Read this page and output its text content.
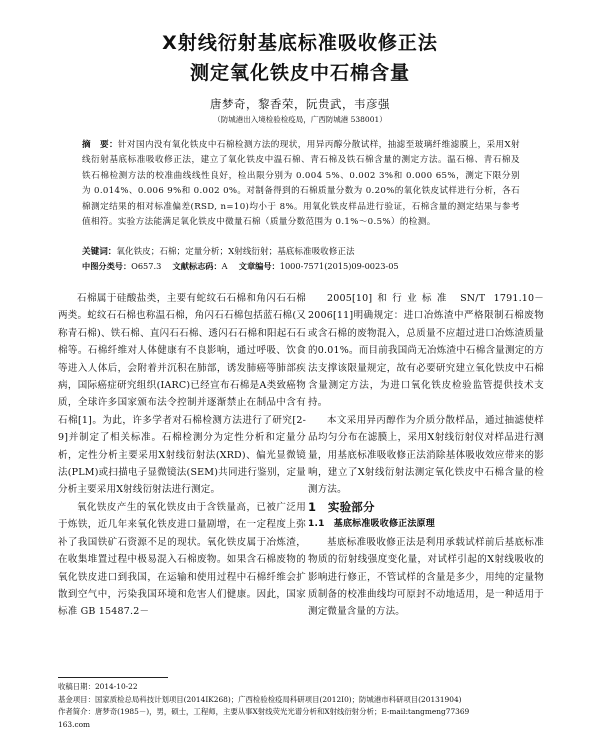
X射线衍射基底标准吸收修正法
测定氧化铁皮中石棉含量
唐梦奇，黎香荣，阮贵武，韦彦强
（防城港出入境检验检疫局，广西防城港 538001）
摘　要：针对国内没有氧化铁皮中石棉检测方法的现状，用异丙醇分散试样，抽滤至玻璃纤维滤膜上，采用X射线衍射基底标准吸收修正法，建立了氧化铁皮中温石棉、青石棉及铁石棉含量的测定方法。温石棉、青石棉及铁石棉检测方法的校准曲线线性良好，检出限分别为 0.004 5%、0.002 3%和 0.000 65%，测定下限分别为 0.014%、0.006 9%和 0.002 0%。对制备得到的石棉质量分数为 0.20%的氧化铁皮试样进行分析，各石棉测定结果的相对标准偏差(RSD, n=10)均小于 8%。用氧化铁皮样品进行验证，石棉含量的测定结果与参考值相符。实验方法能满足氧化铁皮中微量石棉（质量分数范围为 0.1%～0.5%）的检测。
关键词：氧化铁皮；石棉；定量分析；X射线衍射；基底标准吸收修正法
中图分类号：O657.3	文献标志码：A	文章编号：1000-7571(2015)09-0023-05

石棉属于硅酸盐类，主要有蛇纹石石棉和角闪石石棉两类。蛇纹石石棉也称温石棉，角闪石石棉包括蓝石棉(又称青石棉)、铁石棉、直闪石石棉、透闪石石棉和阳起石石棉等。石棉纤维对人体健康有不良影响，通过呼吸、饮食等进入人体后，会附着并沉积在肺部，诱发肺癌等肺部疾病，国际癌症研究组织(IARC)已经宣布石棉是A类致癌物质，全球许多国家颁布法令控制并逐渐禁止在制品中含有石棉[1]。为此，许多学者对石棉检测方法进行了研究[2-9]并制定了相关标准。石棉检测分为定性分析和定量分析，定性分析主要采用X射线衍射法(XRD)、偏光显微镜法(PLM)或扫描电子显微镜法(SEM)共同进行鉴别，定量分析主要采用X射线衍射法进行测定。

氧化铁皮产生的氧化铁皮由于含铁量高，已被广泛用于炼铁，近几年来氧化铁皮进口量剧增，在一定程度上弥补了我国铁矿石资源不足的现状。氧化铁皮属于冶炼渣，在收集堆置过程中极易混入石棉废物。如果含石棉废物的氧化铁皮进口到我国，在运输和使用过程中石棉纤维会扩散到空气中，污染我国环境和危害人们健康。因此，国家标准 GB 15487.2－

2005[10]和行业标准 SN/T 1791.10－2006[11]明确规定：进口冶炼渣中严格限制石棉废物或含石棉的废物混入，总质量不应超过进口冶炼渣质量的0.01%。而目前我国尚无冶炼渣中石棉含量测定的方法支撑该限量规定，故有必要研究建立氧化铁皮中石棉含量测定方法，为进口氧化铁皮检验监管提供技术支持。

本文采用异丙醇作为介质分散样品，通过抽滤使样品均匀分布在滤膜上，采用X射线衍射仪对样品进行测量，用基底标准吸收修正法消除基体吸收效应带来的影响，建立了X射线衍射法测定氧化铁皮中石棉含量的检测方法。

1　实验部分

1.1　基底标准吸收修正法原理

基底标准吸收修正法是利用承载试样前后基底标准物质的衍射线强度变化量，对试样引起的X射线吸收的影响进行修正，不管试样的含量是多少，用纯的定量物质制备的校准曲线均可原封不动地适用，是一种适用于测定微量含量的方法。

收稿日期：2014-10-22
基金项目：国家质检总局科技计划项目(2014IK268)；广西检验检疫局科研项目(2012I0)；防城港市科研项目(20131904)
作者简介：唐梦奇(1985－)，男，硕士，工程师，主要从事X射线荧光光谱分析和X射线衍射分析；E-mail:tangmeng77369
163.com
